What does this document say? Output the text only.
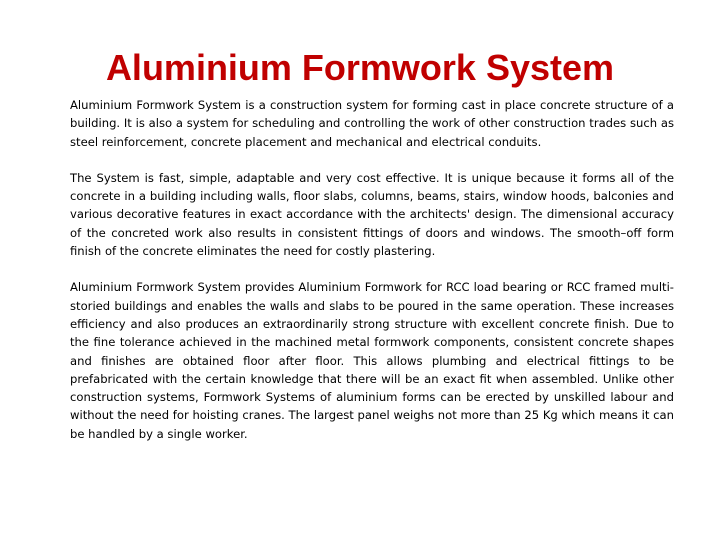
Aluminium Formwork System

Aluminium Formwork System is a construction system for forming cast in place concrete structure of a building. It is also a system for scheduling and controlling the work of other construction trades such as steel reinforcement, concrete placement and mechanical and electrical conduits.

The System is fast, simple, adaptable and very cost effective. It is unique because it forms all of the concrete in a building including walls, floor slabs, columns, beams, stairs, window hoods, balconies and various decorative features in exact accordance with the architects' design. The dimensional accuracy of the concreted work also results in consistent fittings of doors and windows. The smooth–off form finish of the concrete eliminates the need for costly plastering.

Aluminium Formwork System provides Aluminium Formwork for RCC load bearing or RCC framed multi-storied buildings and enables the walls and slabs to be poured in the same operation. These increases efficiency and also produces an extraordinarily strong structure with excellent concrete finish. Due to the fine tolerance achieved in the machined metal formwork components, consistent concrete shapes and finishes are obtained floor after floor. This allows plumbing and electrical fittings to be prefabricated with the certain knowledge that there will be an exact fit when assembled. Unlike other construction systems, Formwork Systems of aluminium forms can be erected by unskilled labour and without the need for hoisting cranes. The largest panel weighs not more than 25 Kg which means it can be handled by a single worker.
